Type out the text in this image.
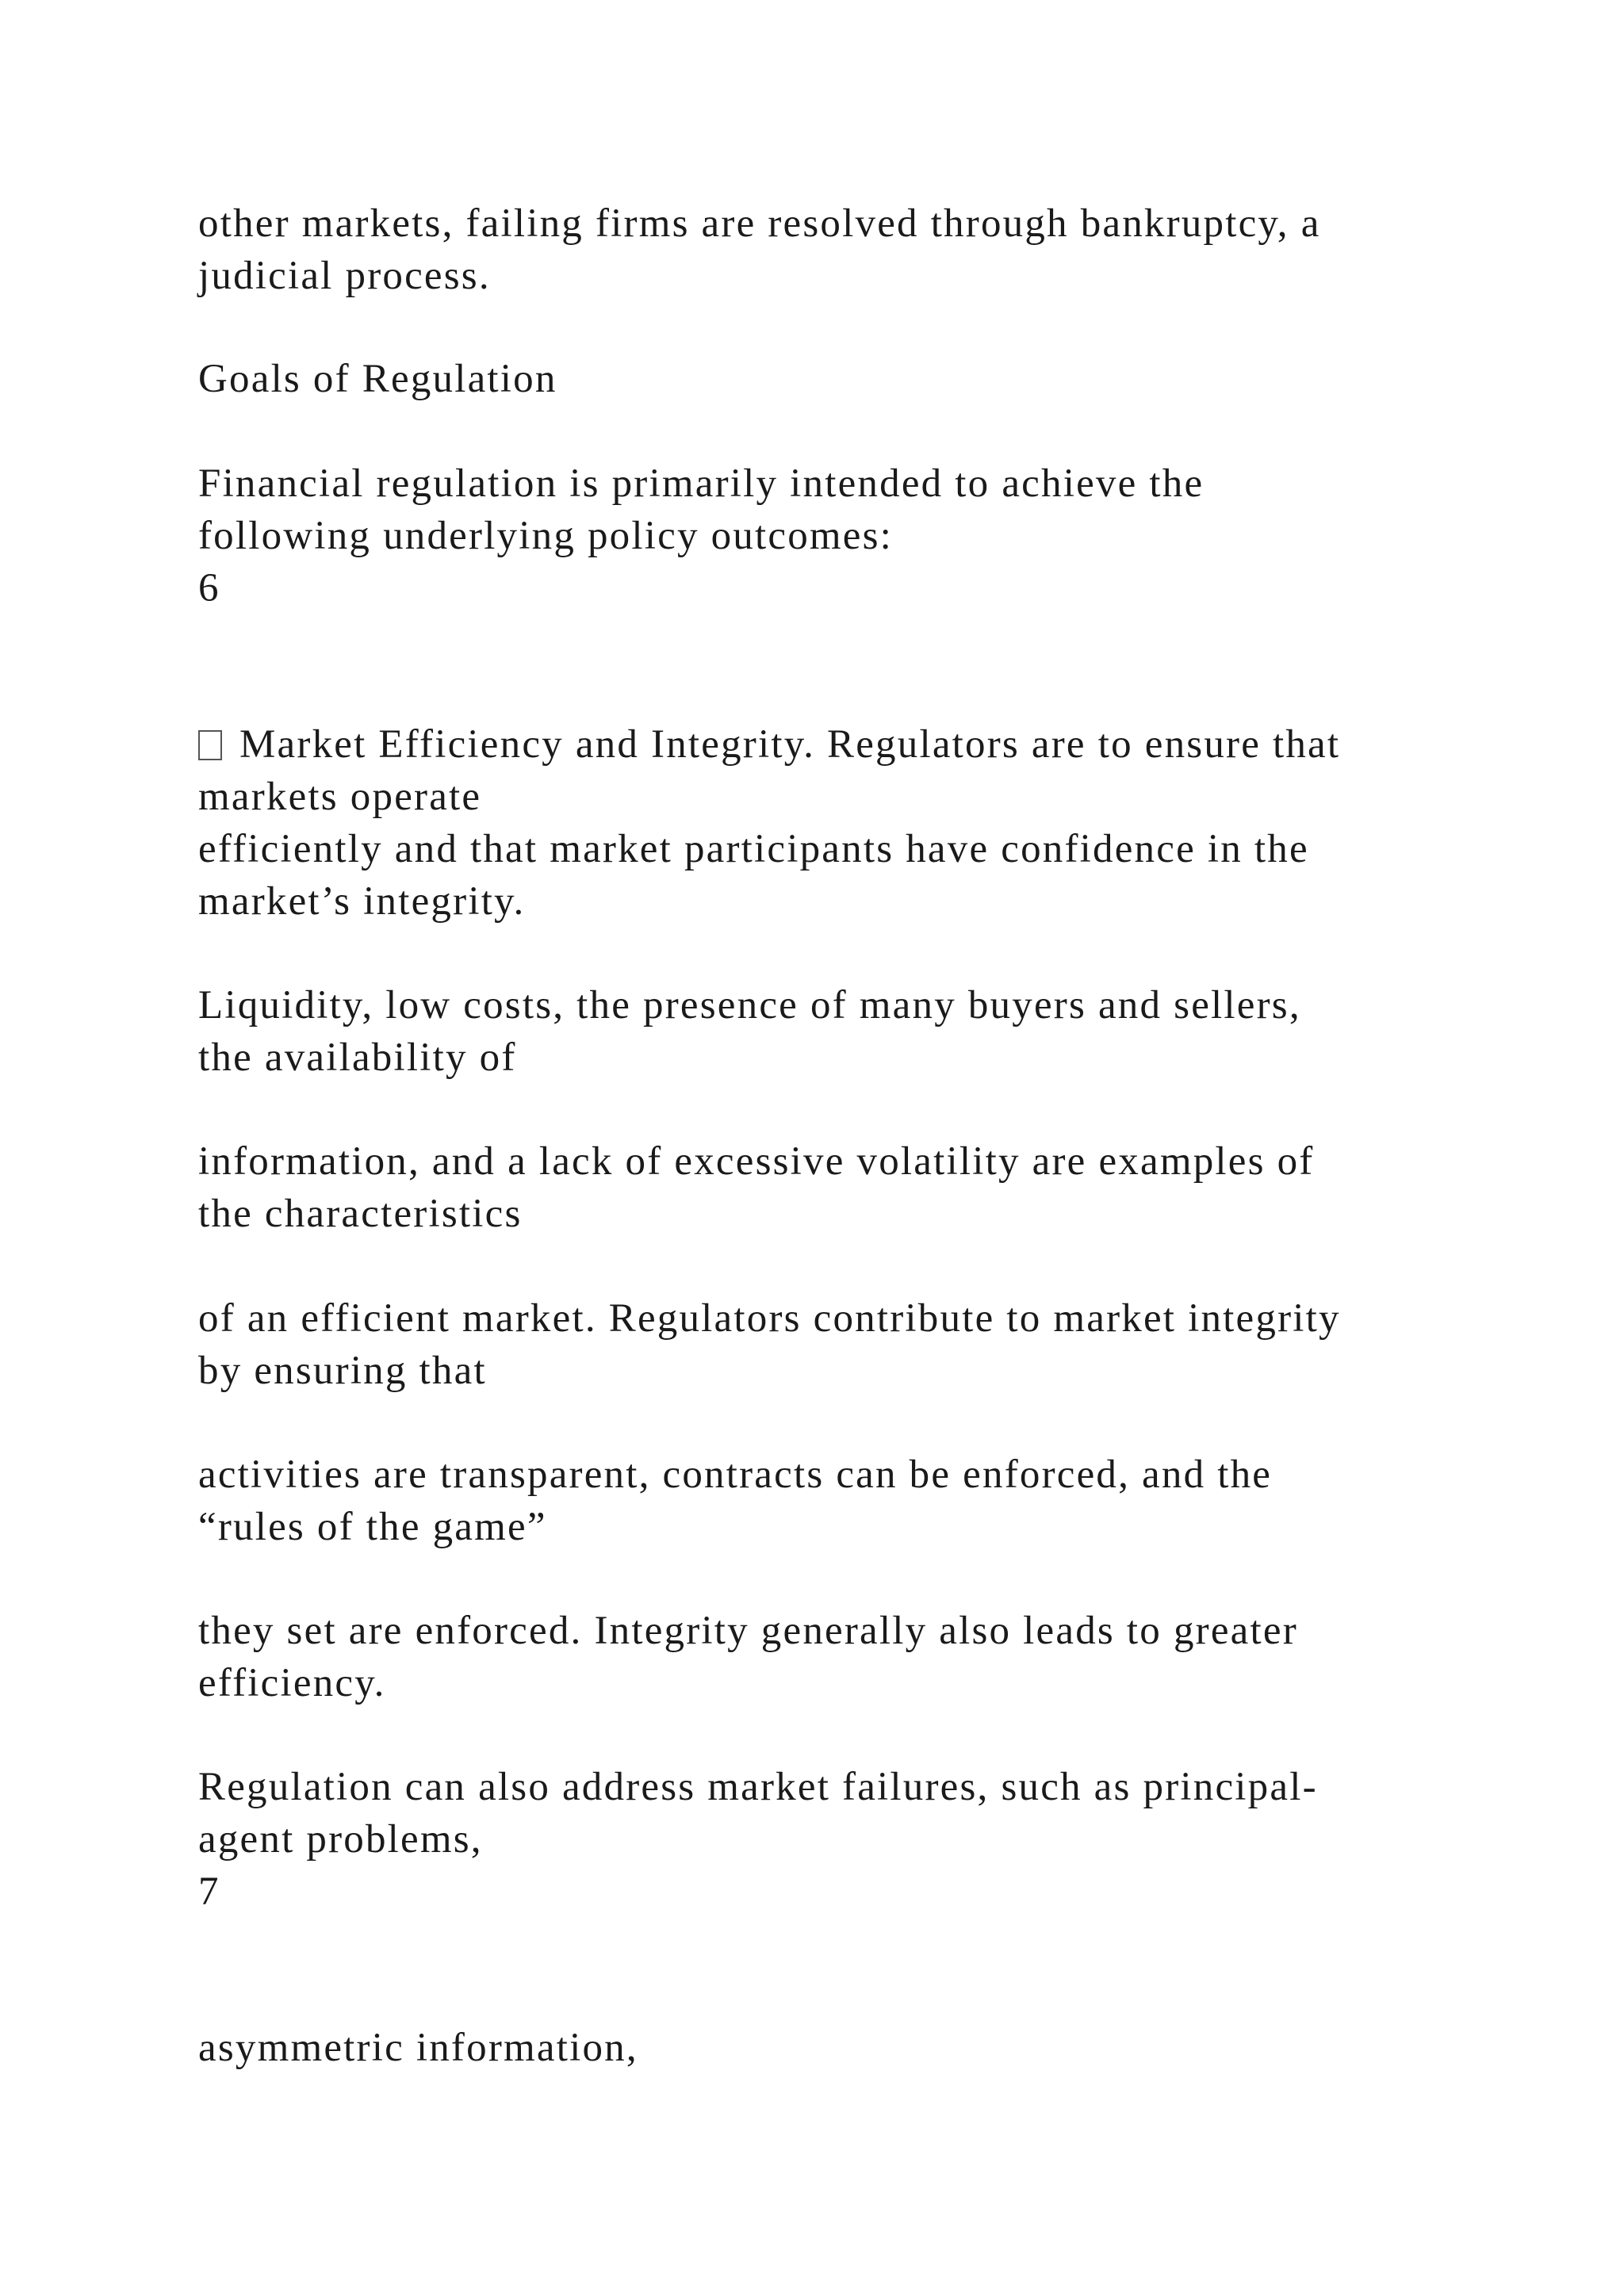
other markets, failing firms are resolved through bankruptcy, a
judicial process.
Goals of Regulation
Financial regulation is primarily intended to achieve the
following underlying policy outcomes:
6
Market Efficiency and Integrity. Regulators are to ensure that
markets operate
efficiently and that market participants have confidence in the
market’s integrity.
Liquidity, low costs, the presence of many buyers and sellers,
the availability of
information, and a lack of excessive volatility are examples of
the characteristics
of an efficient market. Regulators contribute to market integrity
by ensuring that
activities are transparent, contracts can be enforced, and the
“rules of the game”
they set are enforced. Integrity generally also leads to greater
efficiency.
Regulation can also address market failures, such as principal-
agent problems,
7
asymmetric information,
